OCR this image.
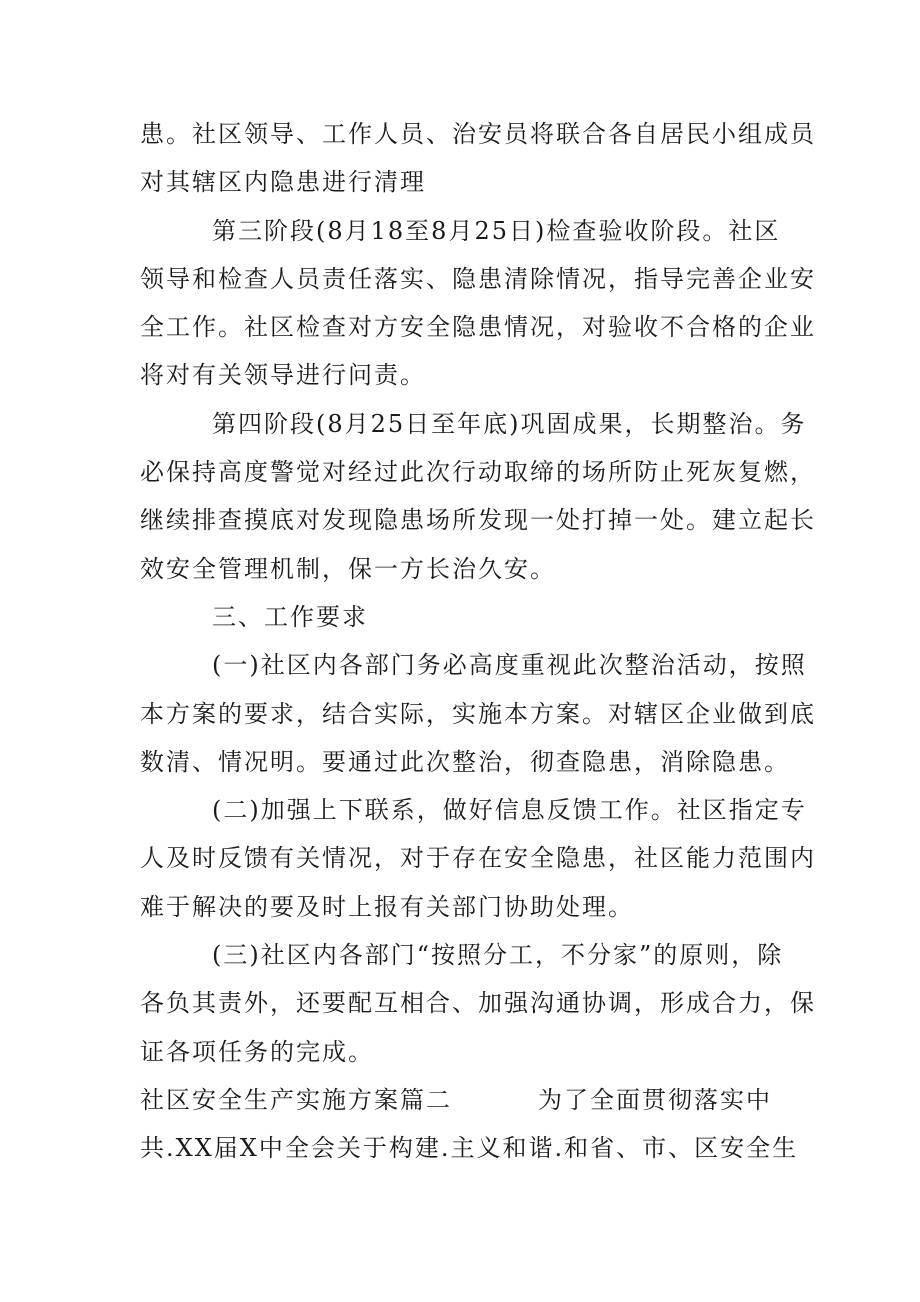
患。社区领导、工作人员、治安员将联合各自居民小组成员
对其辖区内隐患进行清理
第三阶段(8月18至8月25日)检查验收阶段。社区
领导和检查人员责任落实、隐患清除情况，指导完善企业安
全工作。社区检查对方安全隐患情况，对验收不合格的企业
将对有关领导进行问责。
第四阶段(8月25日至年底)巩固成果，长期整治。务
必保持高度警觉对经过此次行动取缔的场所防止死灰复燃，
继续排查摸底对发现隐患场所发现一处打掉一处。建立起长
效安全管理机制，保一方长治久安。
三、工作要求
(一)社区内各部门务必高度重视此次整治活动，按照
本方案的要求，结合实际，实施本方案。对辖区企业做到底
数清、情况明。要通过此次整治，彻查隐患，消除隐患。
(二)加强上下联系，做好信息反馈工作。社区指定专
人及时反馈有关情况，对于存在安全隐患，社区能力范围内
难于解决的要及时上报有关部门协助处理。
(三)社区内各部门“按照分工，不分家”的原则，除
各负其责外，还要配互相合、加强沟通协调，形成合力，保
证各项任务的完成。
社区安全生产实施方案篇二	为了全面贯彻落实中
共.XX届X中全会关于构建.主义和谐.和省、市、区安全生
